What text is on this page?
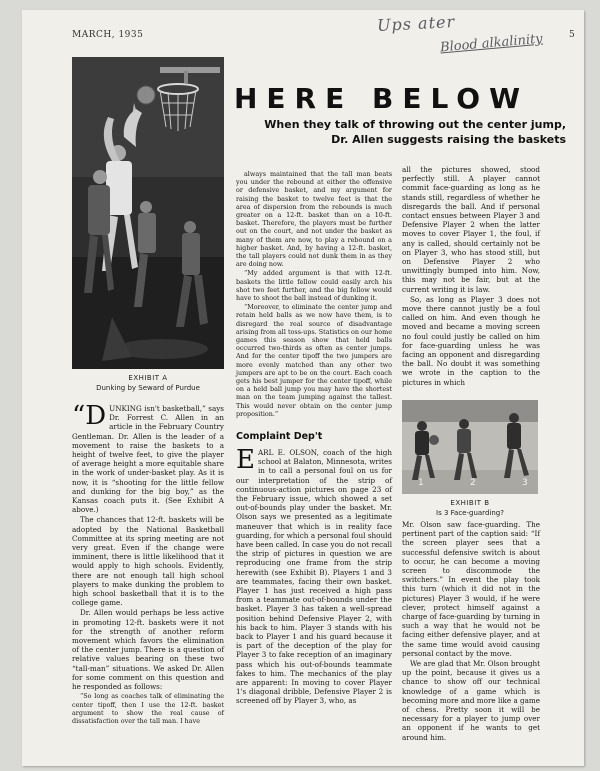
Ups ater
Blood alkalinity
MARCH, 1935	5
EXHIBIT A
Dunking by Seward of Purdue
HERE BELOW
When they talk of throwing out the center jump,
Dr. Allen suggests raising the baskets

“DUNKING isn't basketball,” says Dr. Forrest C. Allen in an article in the February Country Gentleman. Dr. Allen is the leader of a movement to raise the baskets to a height of twelve feet, to give the player of average height a more equitable share in the work of under-basket play. As it is now, it is “shooting for the little fellow and dunking for the big boy,” as the Kansas coach puts it. (See Exhibit A above.)

The chances that 12-ft. baskets will be adopted by the National Basketball Committee at its spring meeting are not very great. Even if the change were imminent, there is little likelihood that it would apply to high schools. Evidently, there are not enough tall high school players to make dunking the problem to high school basketball that it is to the college game.

Dr. Allen would perhaps be less active in promoting 12-ft. baskets were it not for the strength of another reform movement which favors the elimination of the center jump. There is a question of relative values bearing on these two “tall-man” situations. We asked Dr. Allen for some comment on this question and he responded as follows:

“So long as coaches talk of eliminating the center tipoff, then I use the 12-ft. basket argument to show the real cause of dissatisfaction over the tall man. I have

always maintained that the tall man beats you under the rebound at either the offensive or defensive basket, and my argument for raising the basket to twelve feet is that the area of dispersion from the rebounds is much greater on a 12-ft. basket than on a 10-ft. basket. Therefore, the players must be further out on the court, and not under the basket as many of them are now, to play a rebound on a higher basket. And, by having a 12-ft. basket, the tall players could not dunk them in as they are doing now.

“My added argument is that with 12-ft. baskets the little fellow could easily arch his shot two feet further, and the big fellow would have to shoot the ball instead of dunking it.

“Moreover, to eliminate the center jump and retain held balls as we now have them, is to disregard the real source of disadvantage arising from all toss-ups. Statistics on our home games this season show that held balls occurred two-thirds as often as center jumps. And for the center tipoff the two jumpers are more evenly matched than any other two jumpers are apt to be on the court. Each coach gets his best jumper for the center tipoff, while on a held ball jump you may have the shortest man on the team jumping against the tallest. This would never obtain on the center jump proposition.”

Complaint Dep't

EARL E. OLSON, coach of the high school at Balaton, Minnesota, writes in to call a personal foul on us for our interpretation of the strip of continuous-action pictures on page 23 of the February issue, which showed a set out-of-bounds play under the basket. Mr. Olson says we presented as a legitimate maneuver that which is in reality face guarding, for which a personal foul should have been called. In case you do not recall the strip of pictures in question we are reproducing one frame from the strip herewith (see Exhibit B). Players 1 and 3 are teammates, facing their own basket. Player 1 has just received a high pass from a teammate out-of-bounds under the basket. Player 3 has taken a well-spread position behind Defensive Player 2, with his back to him. Player 3 stands with his back to Player 1 and his guard because it is part of the deception of the play for Player 3 to fake reception of an imaginary pass which his out-of-bounds teammate fakes to him. The mechanics of the play are apparent: In moving to cover Player 1's diagonal dribble, Defensive Player 2 is screened off by Player 3, who, as

all the pictures showed, stood perfectly still. A player cannot commit face-guarding as long as he stands still, regardless of whether he disregards the ball. And if personal contact ensues between Player 3 and Defensive Player 2 when the latter moves to cover Player 1, the foul, if any is called, should certainly not be on Player 3, who has stood still, but on Defensive Player 2 who unwittingly bumped into him. Now, this may not be fair, but at the current writing it is law.

So, as long as Player 3 does not move there cannot justly be a foul called on him. And even though he moved and became a moving screen no foul could justly be called on him for face-guarding unless he was facing an opponent and disregarding the ball. No doubt it was something we wrote in the caption to the pictures in which

1	2	3
EXHIBIT B
Is 3 Face-guarding?

Mr. Olson saw face-guarding. The pertinent part of the caption said: “If the screen player sees that a successful defensive switch is about to occur, he can become a moving screen to discommode the switchers.” In event the play took this turn (which it did not in the pictures) Player 3 would, if he were clever, protect himself against a charge of face-guarding by turning in such a way that he would not be facing either defensive player, and at the same time would avoid causing personal contact by the move.

We are glad that Mr. Olson brought up the point, because it gives us a chance to show off our technical knowledge of a game which is becoming more and more like a game of chess. Pretty soon it will be necessary for a player to jump over an opponent if he wants to get around him.
